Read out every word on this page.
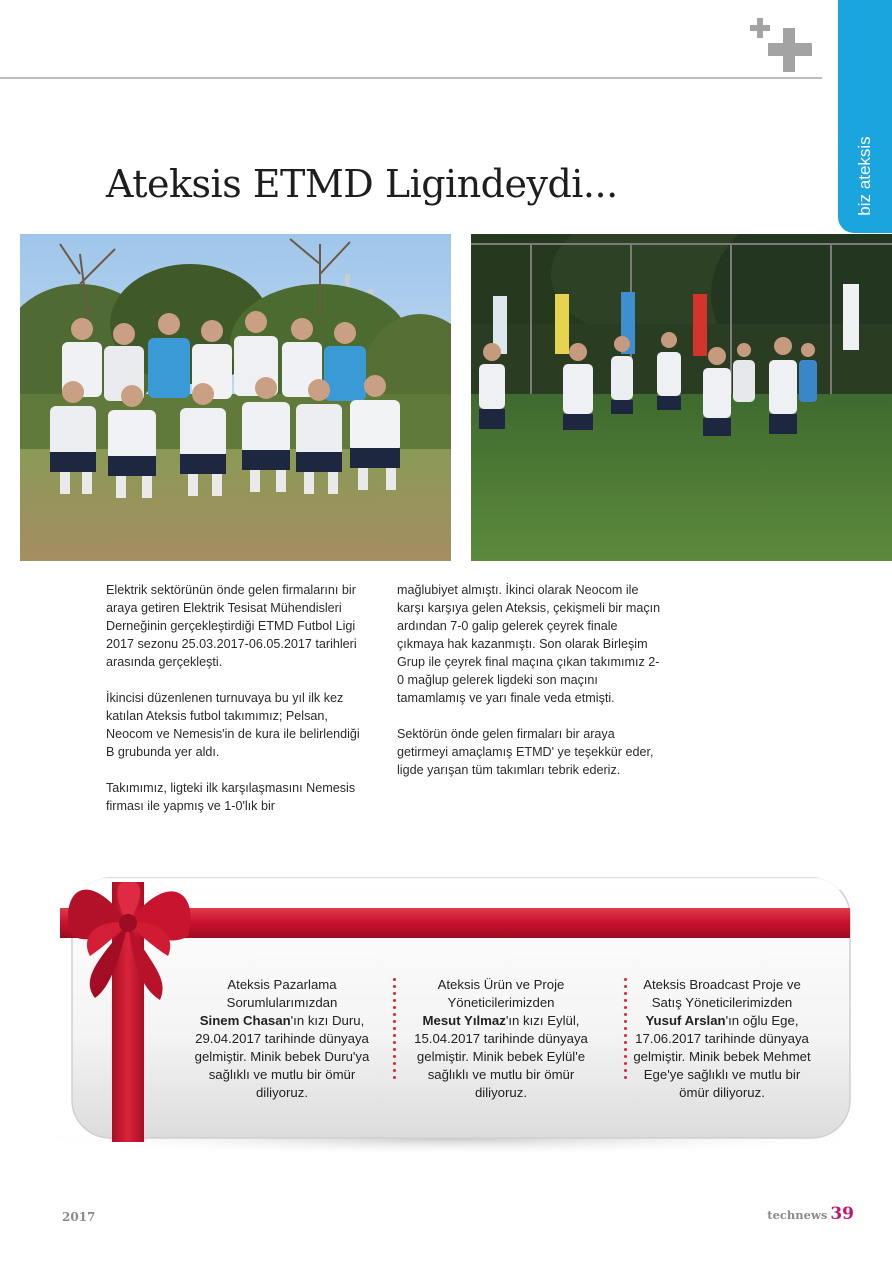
biz ateksis
Ateksis ETMD Ligindeydi...

Elektrik sektörünün önde gelen firmalarını bir araya getiren Elektrik Tesisat Mühendisleri Derneğinin gerçekleştirdiği ETMD Futbol Ligi 2017 sezonu 25.03.2017-06.05.2017 tarihleri arasında gerçekleşti.

İkincisi düzenlenen turnuvaya bu yıl ilk kez katılan Ateksis futbol takımımız; Pelsan, Neocom ve Nemesis'in de kura ile belirlendiği B grubunda yer aldı.

Takımımız, ligteki ilk karşılaşmasını Nemesis firması ile yapmış ve 1-0'lık bir

mağlubiyet almıştı. İkinci olarak Neocom ile karşı karşıya gelen Ateksis, çekişmeli bir maçın ardından 7-0 galip gelerek çeyrek finale çıkmaya hak kazanmıştı. Son olarak Birleşim Grup ile çeyrek final maçına çıkan takımımız 2-0 mağlup gelerek ligdeki son maçını tamamlamış ve yarı finale veda etmişti.

Sektörün önde gelen firmaları bir araya getirmeyi amaçlamış ETMD' ye teşekkür eder, ligde yarışan tüm takımları tebrik ederiz.

Ateksis Pazarlama Sorumlularımızdan
Sinem Chasan'ın kızı Duru, 29.04.2017 tarihinde dünyaya gelmiştir. Minik bebek Duru'ya sağlıklı ve mutlu bir ömür diliyoruz.
Ateksis Ürün ve Proje Yöneticilerimizden
Mesut Yılmaz'ın kızı Eylül, 15.04.2017 tarihinde dünyaya gelmiştir. Minik bebek Eylül'e sağlıklı ve mutlu bir ömür diliyoruz.
Ateksis Broadcast Proje ve Satış Yöneticilerimizden
Yusuf Arslan'ın oğlu Ege, 17.06.2017 tarihinde dünyaya gelmiştir. Minik bebek Mehmet Ege'ye sağlıklı ve mutlu bir ömür diliyoruz.
2017	technews 39
